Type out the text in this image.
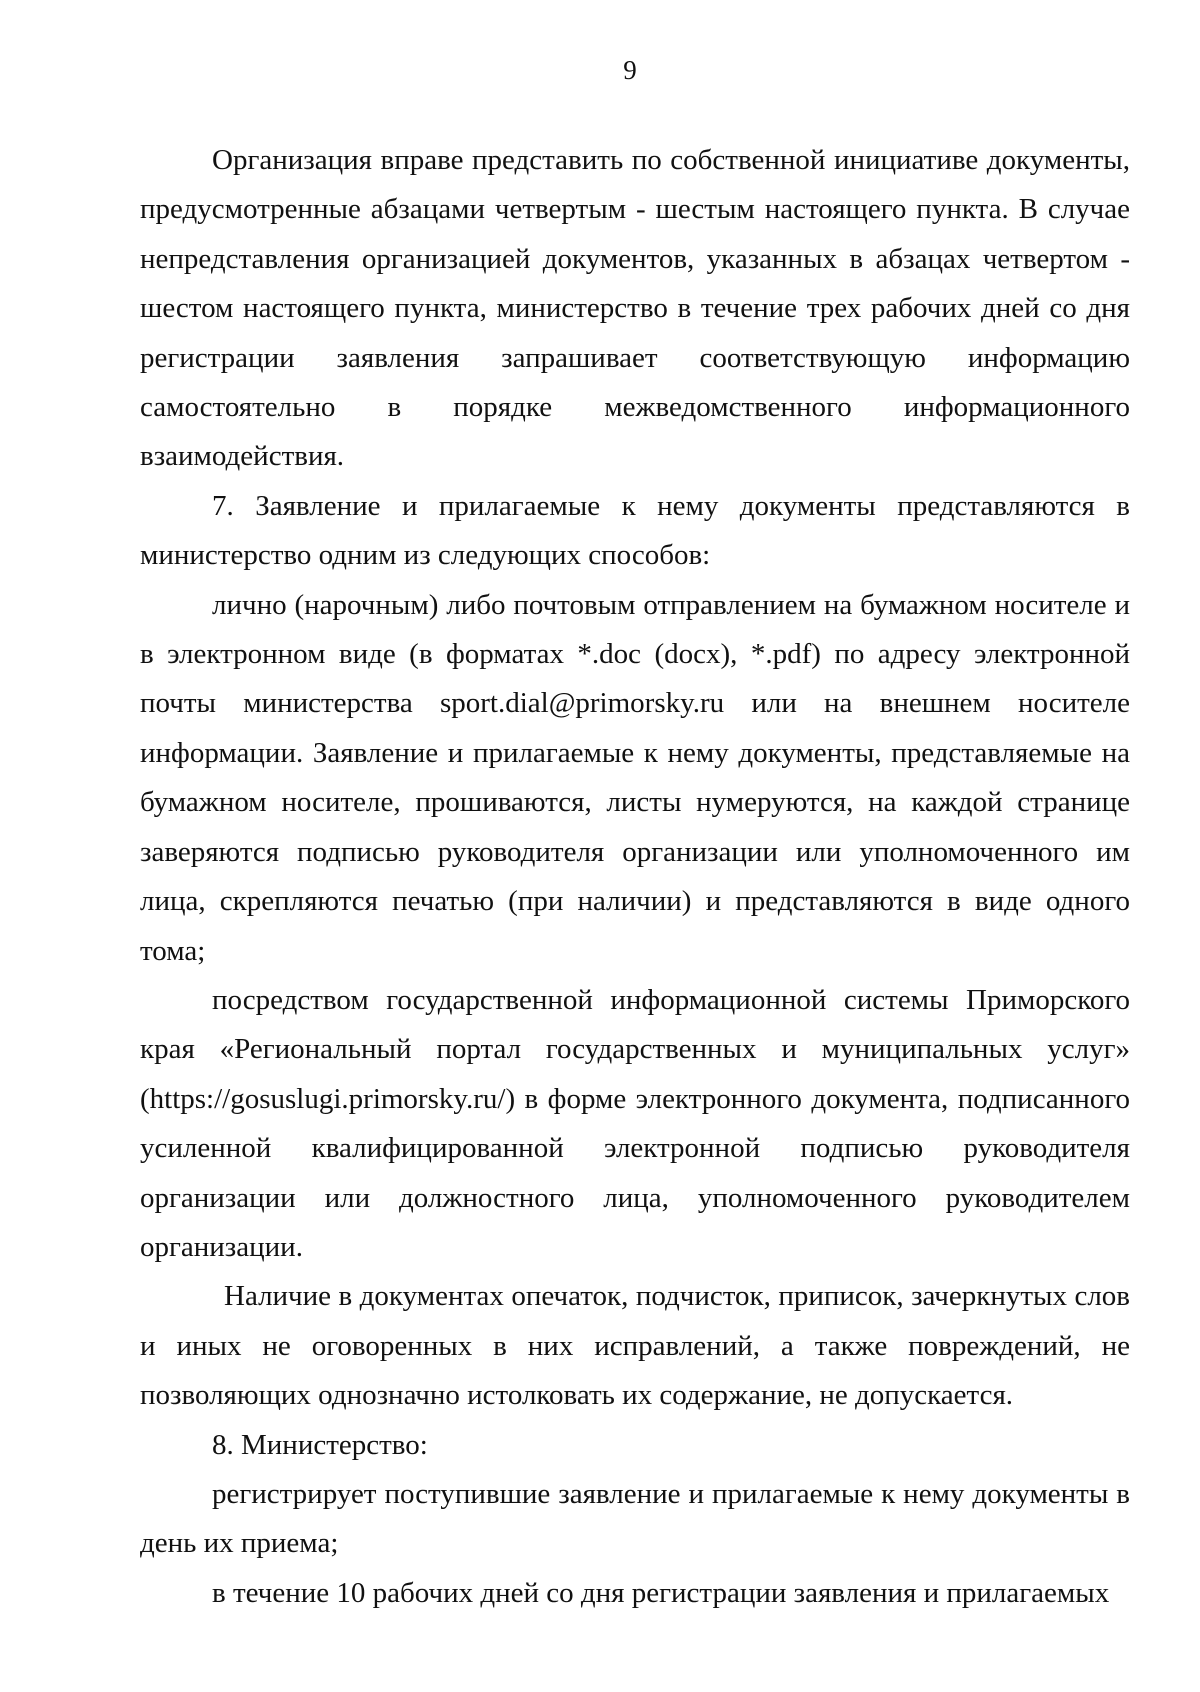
9

Организация вправе представить по собственной инициативе документы, предусмотренные абзацами четвертым - шестым настоящего пункта. В случае непредставления организацией документов, указанных в абзацах четвертом - шестом настоящего пункта, министерство в течение трех рабочих дней со дня регистрации заявления запрашивает соответствующую информацию самостоятельно в порядке межведомственного информационного взаимодействия.

7. Заявление и прилагаемые к нему документы представляются в министерство одним из следующих способов:

лично (нарочным) либо почтовым отправлением на бумажном носителе и в электронном виде (в форматах *.doc (docx), *.pdf) по адресу электронной почты министерства sport.dial@primorsky.ru или на внешнем носителе информации. Заявление и прилагаемые к нему документы, представляемые на бумажном носителе, прошиваются, листы нумеруются, на каждой странице заверяются подписью руководителя организации или уполномоченного им лица, скрепляются печатью (при наличии) и представляются в виде одного тома;

посредством государственной информационной системы Приморского края «Региональный портал государственных и муниципальных услуг» (https://gosuslugi.primorsky.ru/) в форме электронного документа, подписанного усиленной квалифицированной электронной подписью руководителя организации или должностного лица, уполномоченного руководителем организации.

Наличие в документах опечаток, подчисток, приписок, зачеркнутых слов и иных не оговоренных в них исправлений, а также повреждений, не позволяющих однозначно истолковать их содержание, не допускается.

8. Министерство:

регистрирует поступившие заявление и прилагаемые к нему документы в день их приема;

в течение 10 рабочих дней со дня регистрации заявления и прилагаемых
